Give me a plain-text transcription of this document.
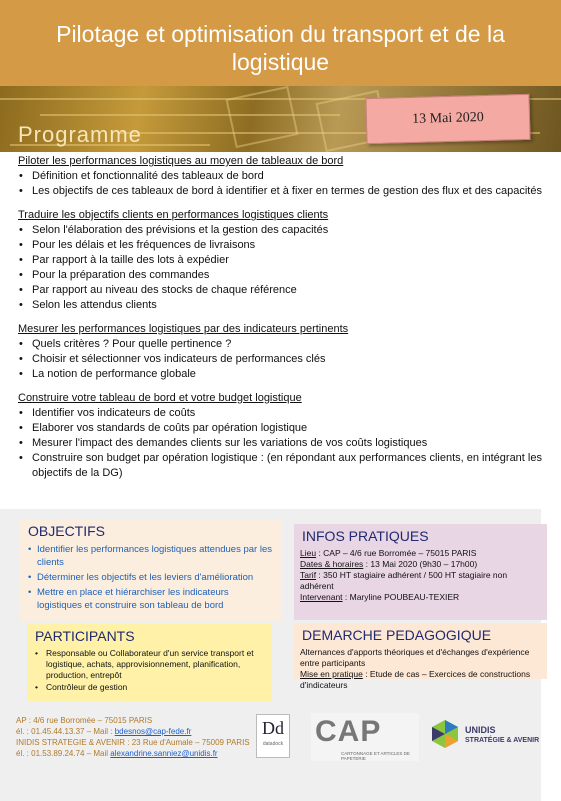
Pilotage et optimisation du transport et de la
logistique
Programme
13 Mai 2020
Piloter les performances logistiques au moyen de tableaux de bord
• Définition et fonctionnalité des tableaux de bord
• Les objectifs de ces tableaux de bord à identifier et à fixer en termes de gestion des flux et des capacités
Traduire les objectifs clients en performances logistiques clients
• Selon l'élaboration des prévisions et la gestion des capacités
• Pour les délais et les fréquences de livraisons
• Par rapport à la taille des lots à expédier
• Pour la préparation des commandes
• Par rapport au niveau des stocks de chaque référence
• Selon les attendus clients
Mesurer les performances logistiques par des indicateurs pertinents
• Quels critères ? Pour quelle pertinence ?
• Choisir et sélectionner vos indicateurs de performances clés
• La notion de performance globale
Construire votre tableau de bord et votre budget logistique
• Identifier vos indicateurs de coûts
• Elaborer vos standards de coûts par opération logistique
• Mesurer l'impact des demandes clients sur les variations de vos coûts logistiques
• Construire son budget par opération logistique : (en répondant aux performances clients, en intégrant les objectifs de la DG)
OBJECTIFS
• Identifier les performances logistiques attendues par les clients
• Déterminer les objectifs et les leviers d'amélioration
• Mettre en place et hiérarchiser les indicateurs logistiques et construire son tableau de bord
INFOS PRATIQUES
Lieu : CAP – 4/6 rue Borromée – 75015 PARIS
Dates & horaires : 13 Mai 2020 (9h30 – 17h00)
Tarif : 350 HT stagiaire adhérent / 500 HT stagiaire non adhérent
Intervenant : Maryline POUBEAU-TEXIER
PARTICIPANTS
• Responsable ou Collaborateur d'un service transport et logistique, achats, approvisionnement, planification, production, entrepôt
• Contrôleur de gestion
DEMARCHE PEDAGOGIQUE
Alternances d'apports théoriques et d'échanges d'expérience entre participants
Mise en pratique : Etude de cas – Exercices de constructions d'indicateurs
AP : 4/6 rue Borromée – 75015 PARIS
él. : 01.45.44.13.37 – Mail : bdesnos@cap-fede.fr
INIDIS STRATEGIE & AVENIR : 23 Rue d'Aumale – 75009 PARIS
él. : 01.53.89.24.74 – Mail alexandrine.sanniez@unidis.fr
Dd
datadock CAP
CARTONNAGE ET ARTICLES DE PAPETERIE
UNIDIS
STRATÉGIE & AVENIR
